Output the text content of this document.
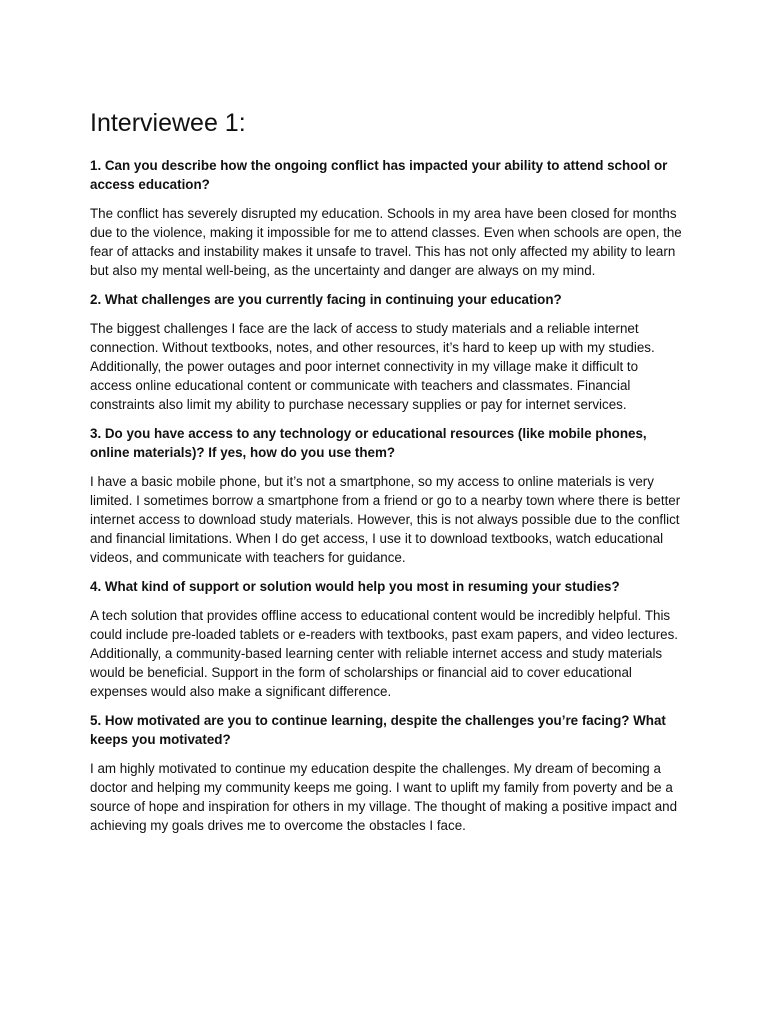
Interviewee 1:

1. Can you describe how the ongoing conflict has impacted your ability to attend school or access education?

The conflict has severely disrupted my education. Schools in my area have been closed for months due to the violence, making it impossible for me to attend classes. Even when schools are open, the fear of attacks and instability makes it unsafe to travel. This has not only affected my ability to learn but also my mental well-being, as the uncertainty and danger are always on my mind.

2. What challenges are you currently facing in continuing your education?

The biggest challenges I face are the lack of access to study materials and a reliable internet connection. Without textbooks, notes, and other resources, it’s hard to keep up with my studies. Additionally, the power outages and poor internet connectivity in my village make it difficult to access online educational content or communicate with teachers and classmates. Financial constraints also limit my ability to purchase necessary supplies or pay for internet services.

3. Do you have access to any technology or educational resources (like mobile phones, online materials)? If yes, how do you use them?

I have a basic mobile phone, but it’s not a smartphone, so my access to online materials is very limited. I sometimes borrow a smartphone from a friend or go to a nearby town where there is better internet access to download study materials. However, this is not always possible due to the conflict and financial limitations. When I do get access, I use it to download textbooks, watch educational videos, and communicate with teachers for guidance.

4. What kind of support or solution would help you most in resuming your studies?

A tech solution that provides offline access to educational content would be incredibly helpful. This could include pre-loaded tablets or e-readers with textbooks, past exam papers, and video lectures. Additionally, a community-based learning center with reliable internet access and study materials would be beneficial. Support in the form of scholarships or financial aid to cover educational expenses would also make a significant difference.

5. How motivated are you to continue learning, despite the challenges you’re facing? What keeps you motivated?

I am highly motivated to continue my education despite the challenges. My dream of becoming a doctor and helping my community keeps me going. I want to uplift my family from poverty and be a source of hope and inspiration for others in my village. The thought of making a positive impact and achieving my goals drives me to overcome the obstacles I face.
